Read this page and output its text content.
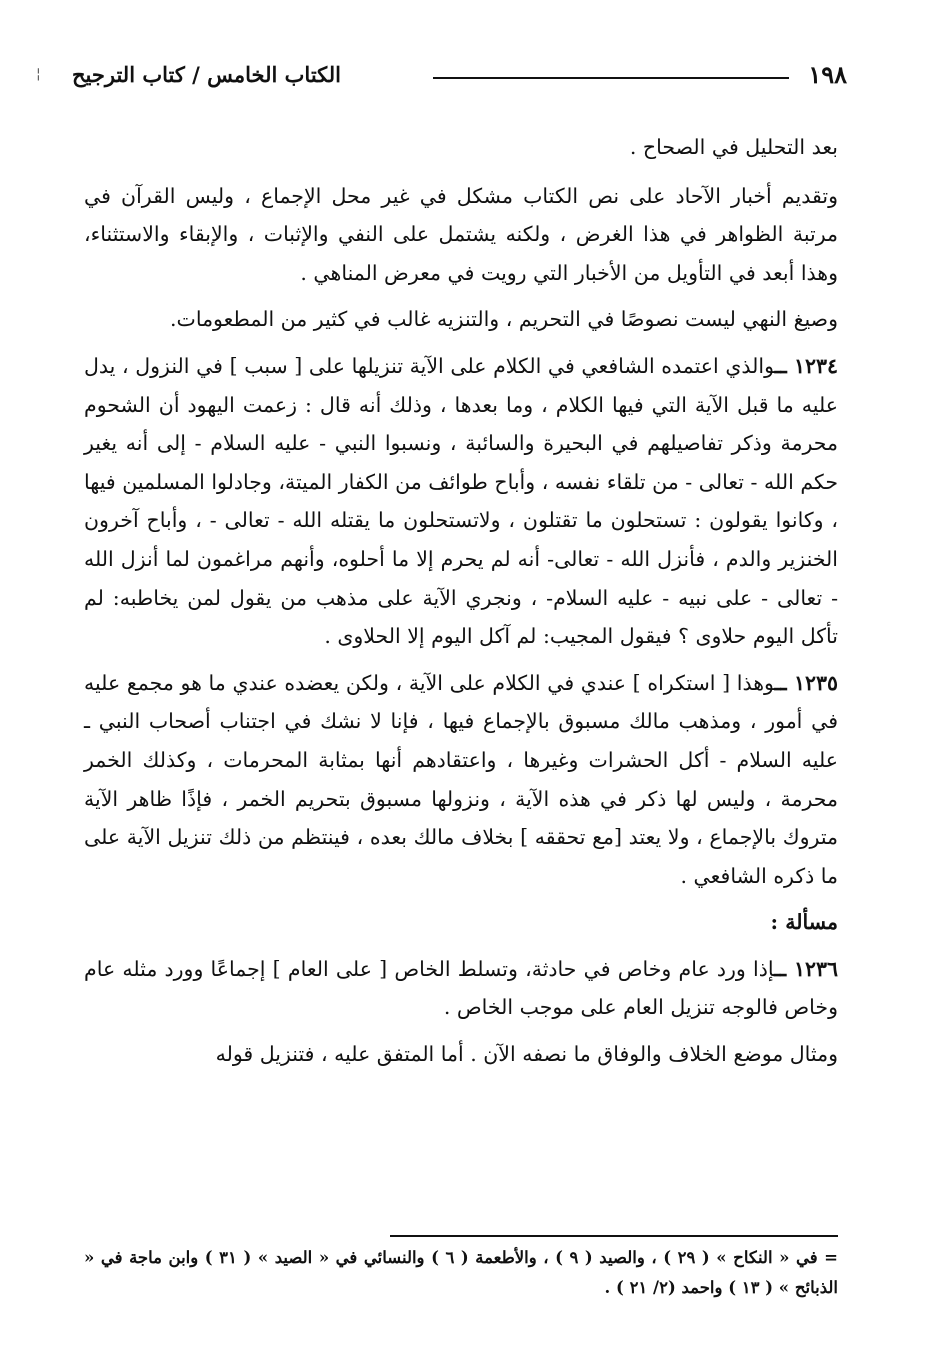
١٩٨
الكتاب الخامس / كتاب الترجيح
¦

بعد التحليل في الصحاح .

وتقديم أخبار الآحاد على نص الكتاب مشكل في غير محل الإجماع ، وليس القرآن في مرتبة الظواهر في هذا الغرض ، ولكنه يشتمل على النفي والإثبات ، والإبقاء والاستثناء، وهذا أبعد في التأويل من الأخبار التي رويت في معرض المناهي .

وصيغ النهي ليست نصوصًا في التحريم ، والتنزيه غالب في كثير من المطعومات.

١٢٣٤ ــوالذي اعتمده الشافعي في الكلام على الآية تنزيلها على [ سبب ] في النزول ، يدل عليه ما قبل الآية التي فيها الكلام ، وما بعدها ، وذلك أنه قال : زعمت اليهود أن الشحوم محرمة وذكر تفاصيلهم في البحيرة والسائبة ، ونسبوا النبي - عليه السلام - إلى أنه يغير حكم الله - تعالى - من تلقاء نفسه ، وأباح طوائف من الكفار الميتة، وجادلوا المسلمين فيها ، وكانوا يقولون : تستحلون ما تقتلون ، ولاتستحلون ما يقتله الله - تعالى - ، وأباح آخرون الخنزير والدم ، فأنزل الله - تعالى- أنه لم يحرم إلا ما أحلوه، وأنهم مراغمون لما أنزل الله - تعالى - على نبيه - عليه السلام- ، ونجري الآية على مذهب من يقول لمن يخاطبه: لم تأكل اليوم حلاوى ؟ فيقول المجيب: لم آكل اليوم إلا الحلاوى .

١٢٣٥ ــوهذا [ استكراه ] عندي في الكلام على الآية ، ولكن يعضده عندي ما هو مجمع عليه في أمور ، ومذهب مالك مسبوق بالإجماع فيها ، فإنا لا نشك في اجتناب أصحاب النبي ـ عليه السلام - أكل الحشرات وغيرها ، واعتقادهم أنها بمثابة المحرمات ، وكذلك الخمر محرمة ، وليس لها ذكر في هذه الآية ، ونزولها مسبوق بتحريم الخمر ، فإذًا ظاهر الآية متروك بالإجماع ، ولا يعتد [مع تحققه ] بخلاف مالك بعده ، فينتظم من ذلك تنزيل الآية على ما ذكره الشافعي .

مسألة :

١٢٣٦ ــإذا ورد عام وخاص في حادثة، وتسلط الخاص [ على العام ] إجماعًا وورد مثله عام وخاص فالوجه تنزيل العام على موجب الخاص .

ومثال موضع الخلاف والوفاق ما نصفه الآن . أما المتفق عليه ، فتنزيل قوله

= في « النكاح » ( ٢٩ ) ، والصيد ( ٩ ) ، والأطعمة ( ٦ ) والنسائي في « الصيد » ( ٣١ ) وابن ماجة في « الذبائح » ( ١٣ ) واحمد (٢/ ٢١ ) .
